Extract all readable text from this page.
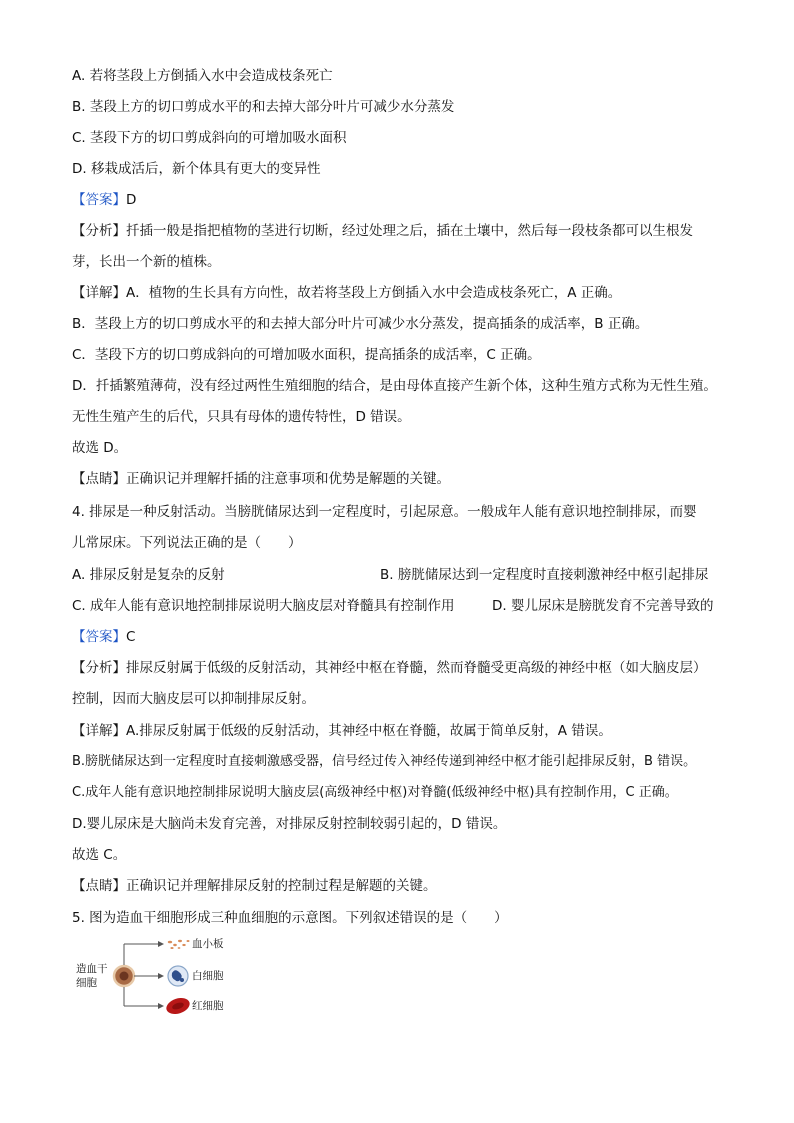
A. 若将茎段上方倒插入水中会造成枝条死亡
B. 茎段上方的切口剪成水平的和去掉大部分叶片可减少水分蒸发
C. 茎段下方的切口剪成斜向的可增加吸水面积
D. 移栽成活后，新个体具有更大的变异性
【答案】D
【分析】扦插一般是指把植物的茎进行切断，经过处理之后，插在土壤中，然后每一段枝条都可以生根发
芽，长出一个新的植株。
【详解】A．植物的生长具有方向性，故若将茎段上方倒插入水中会造成枝条死亡，A 正确。
B．茎段上方的切口剪成水平的和去掉大部分叶片可减少水分蒸发，提高插条的成活率，B 正确。
C．茎段下方的切口剪成斜向的可增加吸水面积，提高插条的成活率，C 正确。
D．扦插繁殖薄荷，没有经过两性生殖细胞的结合，是由母体直接产生新个体，这种生殖方式称为无性生殖。
无性生殖产生的后代，只具有母体的遗传特性，D 错误。
故选 D。
【点睛】正确识记并理解扦插的注意事项和优势是解题的关键。
4. 排尿是一种反射活动。当膀胱储尿达到一定程度时，引起尿意。一般成年人能有意识地控制排尿，而婴
儿常尿床。下列说法正确的是（　　）
A. 排尿反射是复杂的反射	B. 膀胱储尿达到一定程度时直接刺激神经中枢引起排尿
C. 成年人能有意识地控制排尿说明大脑皮层对脊髓具有控制作用	D. 婴儿尿床是膀胱发育不完善导致的
【答案】C
【分析】排尿反射属于低级的反射活动，其神经中枢在脊髓，然而脊髓受更高级的神经中枢（如大脑皮层）
控制，因而大脑皮层可以抑制排尿反射。
【详解】A.排尿反射属于低级的反射活动，其神经中枢在脊髓，故属于简单反射，A 错误。
B.膀胱储尿达到一定程度时直接刺激感受器，信号经过传入神经传递到神经中枢才能引起排尿反射，B 错误。
C.成年人能有意识地控制排尿说明大脑皮层(高级神经中枢)对脊髓(低级神经中枢)具有控制作用，C 正确。
D.婴儿尿床是大脑尚未发育完善，对排尿反射控制较弱引起的，D 错误。
故选 C。
【点睛】正确识记并理解排尿反射的控制过程是解题的关键。
5. 图为造血干细胞形成三种血细胞的示意图。下列叙述错误的是（　　）
造血干细胞
血小板
白细胞
红细胞
